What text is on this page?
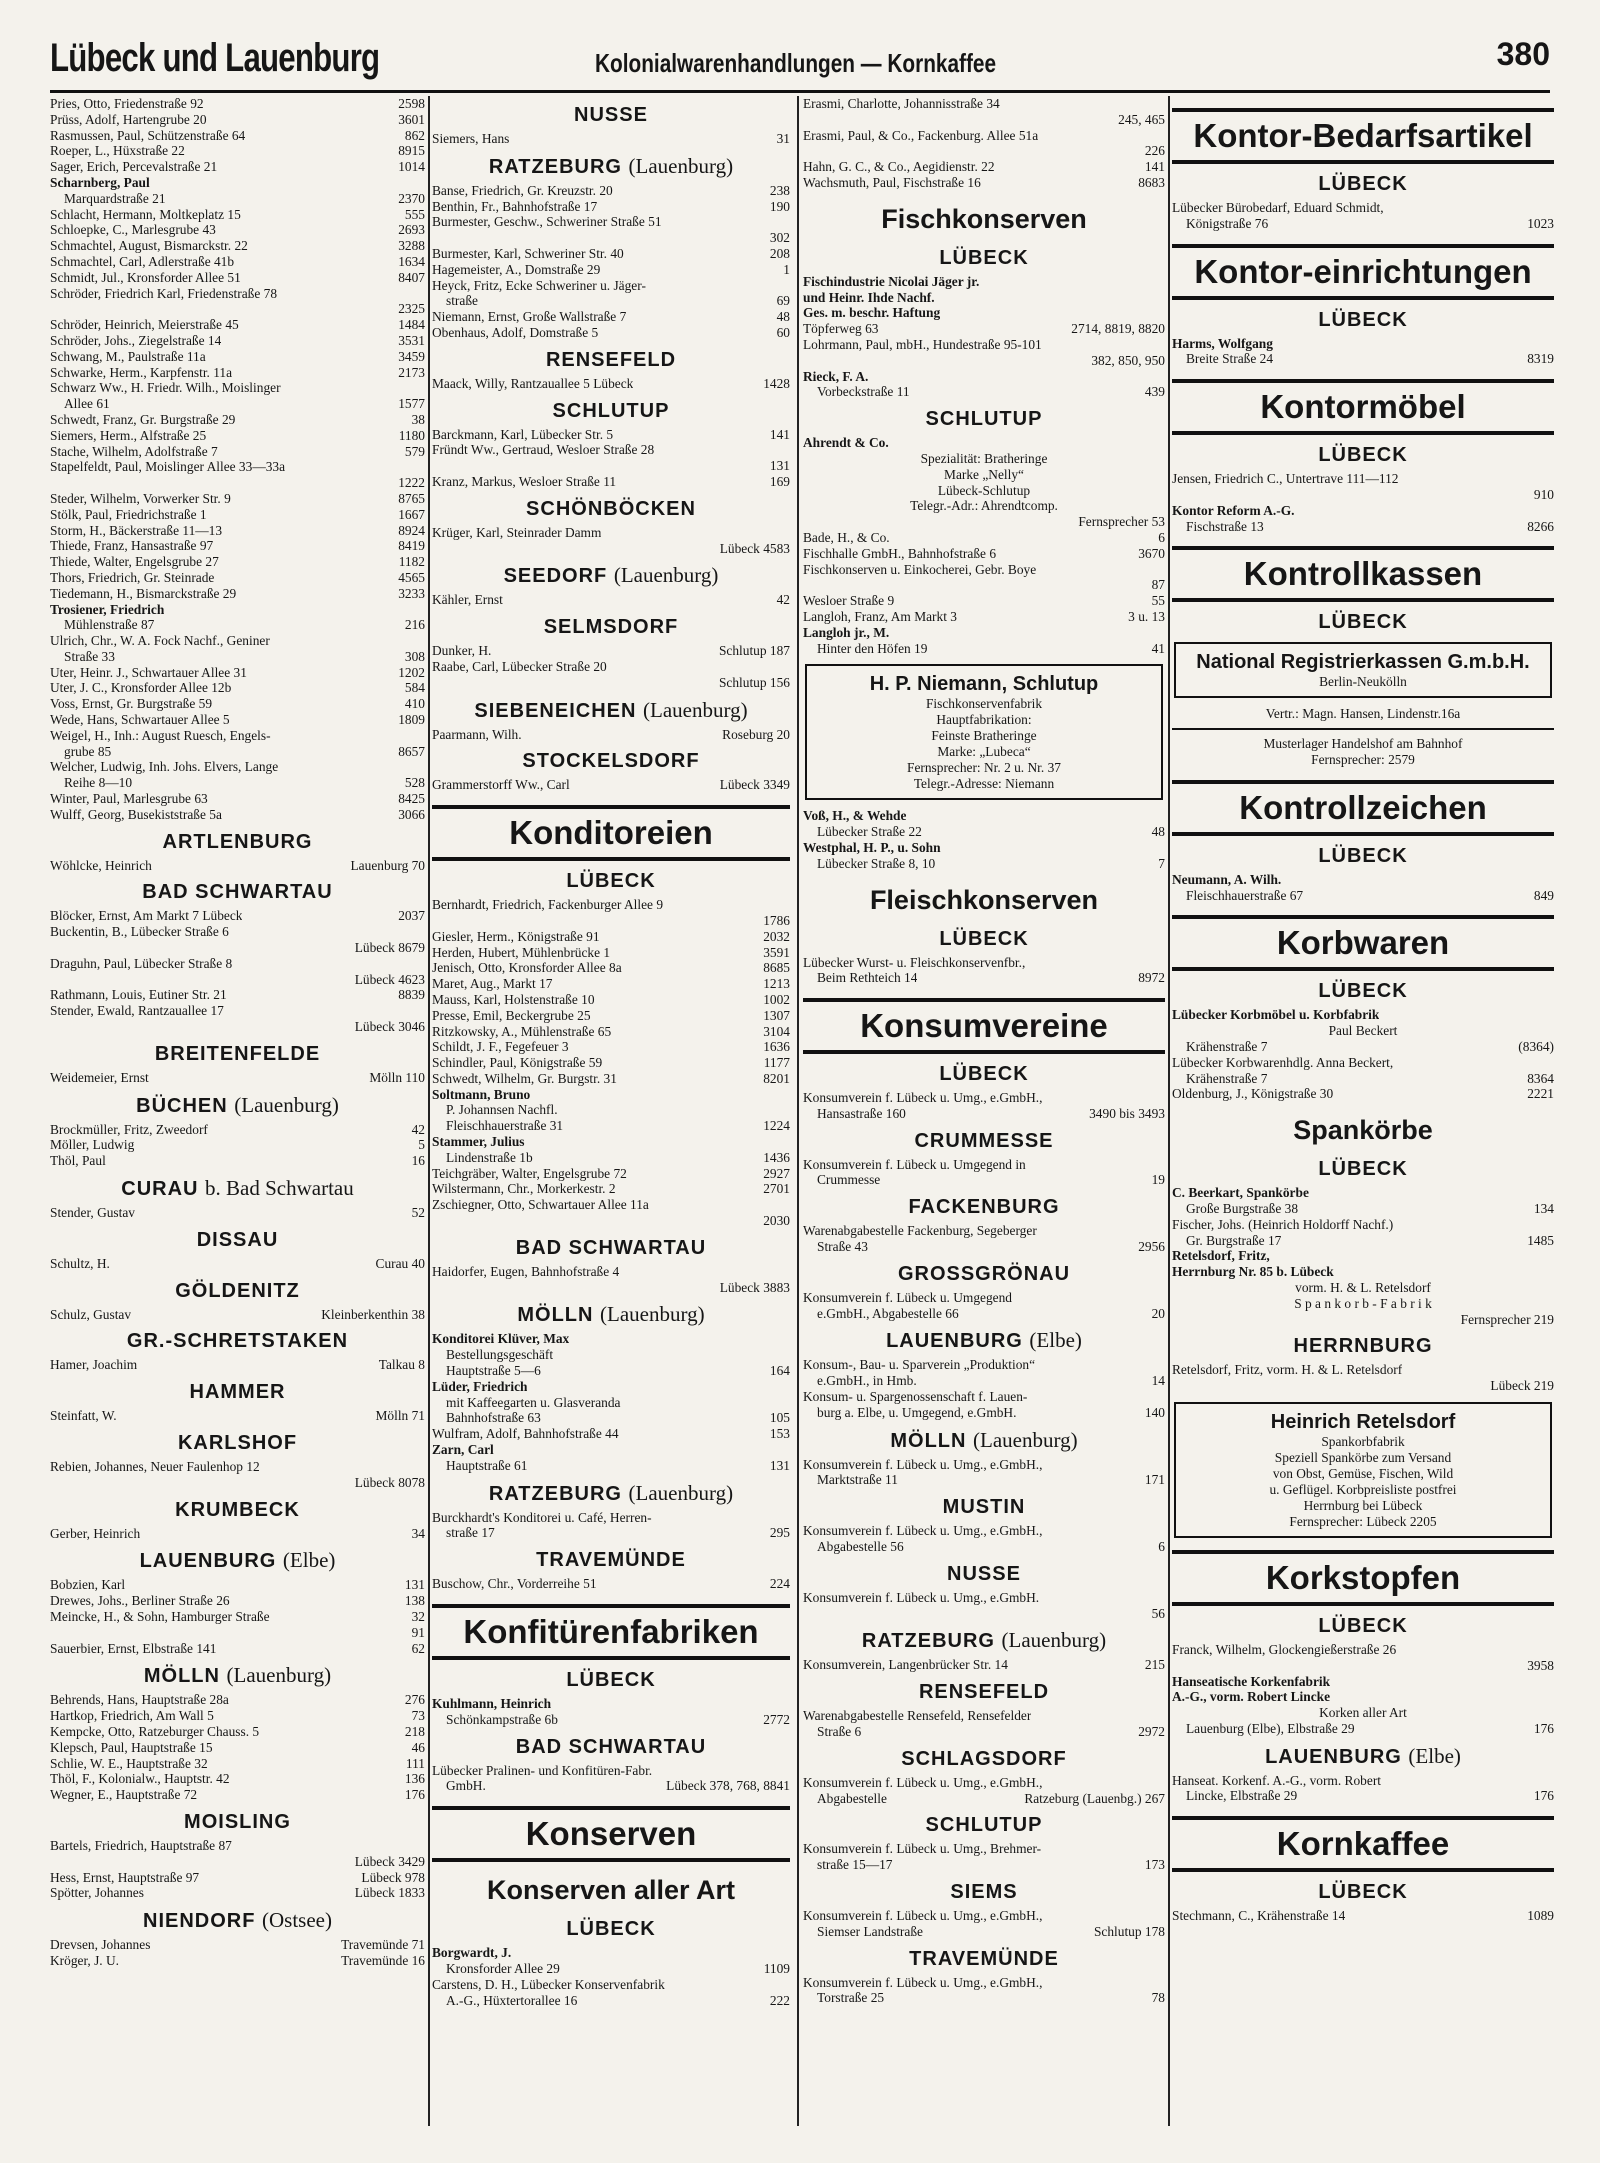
Lübeck und Lauenburg	Kolonialwarenhandlungen — Kornkaffee	380
Pries, Otto, Friedenstraße 92	2598
Prüss, Adolf, Hartengrube 20	3601
Rasmussen, Paul, Schützenstraße 64	862
Roeper, L., Hüxstraße 22	8915
Sager, Erich, Percevalstraße 21	1014
Scharnberg, Paul
Marquardstraße 21	2370
Schlacht, Hermann, Moltkeplatz 15	555
Schloepke, C., Marlesgrube 43	2693
Schmachtel, August, Bismarckstr. 22	3288
Schmachtel, Carl, Adlerstraße 41b	1634
Schmidt, Jul., Kronsforder Allee 51	8407
Schröder, Friedrich Karl, Friedenstraße 78
2325
Schröder, Heinrich, Meierstraße 45	1484
Schröder, Johs., Ziegelstraße 14	3531
Schwang, M., Paulstraße 11a	3459
Schwarke, Herm., Karpfenstr. 11a	2173
Schwarz Ww., H. Friedr. Wilh., Moislinger
Allee 61	1577
Schwedt, Franz, Gr. Burgstraße 29	38
Siemers, Herm., Alfstraße 25	1180
Stache, Wilhelm, Adolfstraße 7	579
Stapelfeldt, Paul, Moislinger Allee 33—33a
1222
Steder, Wilhelm, Vorwerker Str. 9	8765
Stölk, Paul, Friedrichstraße 1	1667
Storm, H., Bäckerstraße 11—13	8924
Thiede, Franz, Hansastraße 97	8419
Thiede, Walter, Engelsgrube 27	1182
Thors, Friedrich, Gr. Steinrade	4565
Tiedemann, H., Bismarckstraße 29	3233
Trosiener, Friedrich
Mühlenstraße 87	216
Ulrich, Chr., W. A. Fock Nachf., Geniner
Straße 33	308
Uter, Heinr. J., Schwartauer Allee 31	1202
Uter, J. C., Kronsforder Allee 12b	584
Voss, Ernst, Gr. Burgstraße 59	410
Wede, Hans, Schwartauer Allee 5	1809
Weigel, H., Inh.: August Ruesch, Engels-
grube 85	8657
Welcher, Ludwig, Inh. Johs. Elvers, Lange
Reihe 8—10	528
Winter, Paul, Marlesgrube 63	8425
Wulff, Georg, Busekiststraße 5a	3066
ARTLENBURG
Wöhlcke, Heinrich	Lauenburg 70
BAD SCHWARTAU
Blöcker, Ernst, Am Markt 7 Lübeck	2037
Buckentin, B., Lübecker Straße 6
Lübeck 8679
Draguhn, Paul, Lübecker Straße 8
Lübeck 4623
Rathmann, Louis, Eutiner Str. 21	8839
Stender, Ewald, Rantzauallee 17
Lübeck 3046
BREITENFELDE
Weidemeier, Ernst	Mölln 110
BÜCHEN (Lauenburg)
Brockmüller, Fritz, Zweedorf	42
Möller, Ludwig	5
Thöl, Paul	16
CURAU b. Bad Schwartau
Stender, Gustav	52
DISSAU
Schultz, H.	Curau 40
GÖLDENITZ
Schulz, Gustav	Kleinberkenthin 38
GR.-SCHRETSTAKEN
Hamer, Joachim	Talkau 8
HAMMER
Steinfatt, W.	Mölln 71
KARLSHOF
Rebien, Johannes, Neuer Faulenhop 12
Lübeck 8078
KRUMBECK
Gerber, Heinrich	34
LAUENBURG (Elbe)
Bobzien, Karl	131
Drewes, Johs., Berliner Straße 26	138
Meincke, H., & Sohn, Hamburger Straße	32
91
Sauerbier, Ernst, Elbstraße 141	62
MÖLLN (Lauenburg)
Behrends, Hans, Hauptstraße 28a	276
Hartkop, Friedrich, Am Wall 5	73
Kempcke, Otto, Ratzeburger Chauss. 5	218
Klepsch, Paul, Hauptstraße 15	46
Schlie, W. E., Hauptstraße 32	111
Thöl, F., Kolonialw., Hauptstr. 42	136
Wegner, E., Hauptstraße 72	176
MOISLING
Bartels, Friedrich, Hauptstraße 87
Lübeck 3429
Hess, Ernst, Hauptstraße 97	Lübeck 978
Spötter, Johannes	Lübeck 1833
NIENDORF (Ostsee)
Drevsen, Johannes	Travemünde 71
Kröger, J. U.	Travemünde 16
NUSSE
Siemers, Hans	31
RATZEBURG (Lauenburg)
Banse, Friedrich, Gr. Kreuzstr. 20	238
Benthin, Fr., Bahnhofstraße 17	190
Burmester, Geschw., Schweriner Straße 51
302
Burmester, Karl, Schweriner Str. 40	208
Hagemeister, A., Domstraße 29	1
Heyck, Fritz, Ecke Schweriner u. Jäger-
straße	69
Niemann, Ernst, Große Wallstraße 7	48
Obenhaus, Adolf, Domstraße 5	60
RENSEFELD
Maack, Willy, Rantzauallee 5 Lübeck	1428
SCHLUTUP
Barckmann, Karl, Lübecker Str. 5	141
Fründt Ww., Gertraud, Wesloer Straße 28
131
Kranz, Markus, Wesloer Straße 11	169
SCHÖNBÖCKEN
Krüger, Karl, Steinrader Damm
Lübeck 4583
SEEDORF (Lauenburg)
Kähler, Ernst	42
SELMSDORF
Dunker, H.	Schlutup 187
Raabe, Carl, Lübecker Straße 20
Schlutup 156
SIEBENEICHEN (Lauenburg)
Paarmann, Wilh.	Roseburg 20
STOCKELSDORF
Grammerstorff Ww., Carl	Lübeck 3349
Konditoreien
LÜBECK
Bernhardt, Friedrich, Fackenburger Allee 9
1786
Giesler, Herm., Königstraße 91	2032
Herden, Hubert, Mühlenbrücke 1	3591
Jenisch, Otto, Kronsforder Allee 8a	8685
Maret, Aug., Markt 17	1213
Mauss, Karl, Holstenstraße 10	1002
Presse, Emil, Beckergrube 25	1307
Ritzkowsky, A., Mühlenstraße 65	3104
Schildt, J. F., Fegefeuer 3	1636
Schindler, Paul, Königstraße 59	1177
Schwedt, Wilhelm, Gr. Burgstr. 31	8201
Soltmann, Bruno
P. Johannsen Nachfl.
Fleischhauerstraße 31	1224
Stammer, Julius
Lindenstraße 1b	1436
Teichgräber, Walter, Engelsgrube 72	2927
Wilstermann, Chr., Morkerkestr. 2	2701
Zschiegner, Otto, Schwartauer Allee 11a
2030
BAD SCHWARTAU
Haidorfer, Eugen, Bahnhofstraße 4
Lübeck 3883
MÖLLN (Lauenburg)
Konditorei Klüver, Max
Bestellungsgeschäft
Hauptstraße 5—6	164
Lüder, Friedrich
mit Kaffeegarten u. Glasveranda
Bahnhofstraße 63	105
Wulfram, Adolf, Bahnhofstraße 44	153
Zarn, Carl
Hauptstraße 61	131
RATZEBURG (Lauenburg)
Burckhardt's Konditorei u. Café, Herren-
straße 17	295
TRAVEMÜNDE
Buschow, Chr., Vorderreihe 51	224
Konfitürenfabriken
LÜBECK
Kuhlmann, Heinrich
Schönkampstraße 6b	2772
BAD SCHWARTAU
Lübecker Pralinen- und Konfitüren-Fabr.
GmbH.	Lübeck 378, 768, 8841
Konserven
Konserven aller Art
LÜBECK
Borgwardt, J.
Kronsforder Allee 29	1109
Carstens, D. H., Lübecker Konservenfabrik
A.-G., Hüxtertorallee 16	222
Erasmi, Charlotte, Johannisstraße 34
245, 465
Erasmi, Paul, & Co., Fackenburg. Allee 51a
226
Hahn, G. C., & Co., Aegidienstr. 22	141
Wachsmuth, Paul, Fischstraße 16	8683
Fischkonserven
LÜBECK
Fischindustrie Nicolai Jäger jr.
und Heinr. Ihde Nachf.
Ges. m. beschr. Haftung
Töpferweg 63	2714, 8819, 8820
Lohrmann, Paul, mbH., Hundestraße 95-101
382, 850, 950
Rieck, F. A.
Vorbeckstraße 11	439
SCHLUTUP
Ahrendt & Co.
Spezialität: Bratheringe
Marke „Nelly“
Lübeck-Schlutup
Telegr.-Adr.: Ahrendtcomp.
Fernsprecher 53
Bade, H., & Co.	6
Fischhalle GmbH., Bahnhofstraße 6	3670
Fischkonserven u. Einkocherei, Gebr. Boye
87
Wesloer Straße 9	55
Langloh, Franz, Am Markt 3	3 u. 13
Langloh jr., M.
Hinter den Höfen 19	41
H. P. Niemann, Schlutup
Fischkonservenfabrik
Hauptfabrikation:
Feinste Bratheringe
Marke: „Lubeca“
Fernsprecher: Nr. 2 u. Nr. 37
Telegr.-Adresse: Niemann
Voß, H., & Wehde
Lübecker Straße 22	48
Westphal, H. P., u. Sohn
Lübecker Straße 8, 10	7
Fleischkonserven
LÜBECK
Lübecker Wurst- u. Fleischkonservenfbr.,
Beim Rethteich 14	8972
Konsumvereine
LÜBECK
Konsumverein f. Lübeck u. Umg., e.GmbH.,
Hansastraße 160	3490 bis 3493
CRUMMESSE
Konsumverein f. Lübeck u. Umgegend in
Crummesse	19
FACKENBURG
Warenabgabestelle Fackenburg, Segeberger
Straße 43	2956
GROSSGRÖNAU
Konsumverein f. Lübeck u. Umgegend
e.GmbH., Abgabestelle 66	20
LAUENBURG (Elbe)
Konsum-, Bau- u. Sparverein „Produktion“
e.GmbH., in Hmb.	14
Konsum- u. Spargenossenschaft f. Lauen-
burg a. Elbe, u. Umgegend, e.GmbH.	140
MÖLLN (Lauenburg)
Konsumverein f. Lübeck u. Umg., e.GmbH.,
Marktstraße 11	171
MUSTIN
Konsumverein f. Lübeck u. Umg., e.GmbH.,
Abgabestelle 56	6
NUSSE
Konsumverein f. Lübeck u. Umg., e.GmbH.
56
RATZEBURG (Lauenburg)
Konsumverein, Langenbrücker Str. 14	215
RENSEFELD
Warenabgabestelle Rensefeld, Rensefelder
Straße 6	2972
SCHLAGSDORF
Konsumverein f. Lübeck u. Umg., e.GmbH.,
Abgabestelle	Ratzeburg (Lauenbg.) 267
SCHLUTUP
Konsumverein f. Lübeck u. Umg., Brehmer-
straße 15—17	173
SIEMS
Konsumverein f. Lübeck u. Umg., e.GmbH.,
Siemser Landstraße	Schlutup 178
TRAVEMÜNDE
Konsumverein f. Lübeck u. Umg., e.GmbH.,
Torstraße 25	78
Kontor-Bedarfsartikel
LÜBECK
Lübecker Bürobedarf, Eduard Schmidt,
Königstraße 76	1023
Kontor-einrichtungen
LÜBECK
Harms, Wolfgang
Breite Straße 24	8319
Kontormöbel
LÜBECK
Jensen, Friedrich C., Untertrave 111—112
910
Kontor Reform A.-G.
Fischstraße 13	8266
Kontrollkassen
LÜBECK
National Registrierkassen G.m.b.H.
Berlin-Neukölln
Vertr.: Magn. Hansen, Lindenstr.16a
Musterlager Handelshof am Bahnhof
Fernsprecher: 2579
Kontrollzeichen
LÜBECK
Neumann, A. Wilh.
Fleischhauerstraße 67	849
Korbwaren
LÜBECK
Lübecker Korbmöbel u. Korbfabrik
Paul Beckert
Krähenstraße 7	(8364)
Lübecker Korbwarenhdlg. Anna Beckert,
Krähenstraße 7	8364
Oldenburg, J., Königstraße 30	2221
Spankörbe
LÜBECK
C. Beerkart, Spankörbe
Große Burgstraße 38	134
Fischer, Johs. (Heinrich Holdorff Nachf.)
Gr. Burgstraße 17	1485
Retelsdorf, Fritz,
Herrnburg Nr. 85 b. Lübeck
vorm. H. & L. Retelsdorf
S p a n k o r b - F a b r i k
Fernsprecher 219
HERRNBURG
Retelsdorf, Fritz, vorm. H. & L. Retelsdorf
Lübeck 219
Heinrich Retelsdorf
Spankorbfabrik
Speziell Spankörbe zum Versand
von Obst, Gemüse, Fischen, Wild
u. Geflügel. Korbpreisliste postfrei
Herrnburg bei Lübeck
Fernsprecher: Lübeck 2205
Korkstopfen
LÜBECK
Franck, Wilhelm, Glockengießerstraße 26
3958
Hanseatische Korkenfabrik
A.-G., vorm. Robert Lincke
Korken aller Art
Lauenburg (Elbe), Elbstraße 29	176
LAUENBURG (Elbe)
Hanseat. Korkenf. A.-G., vorm. Robert
Lincke, Elbstraße 29	176
Kornkaffee
LÜBECK
Stechmann, C., Krähenstraße 14	1089
